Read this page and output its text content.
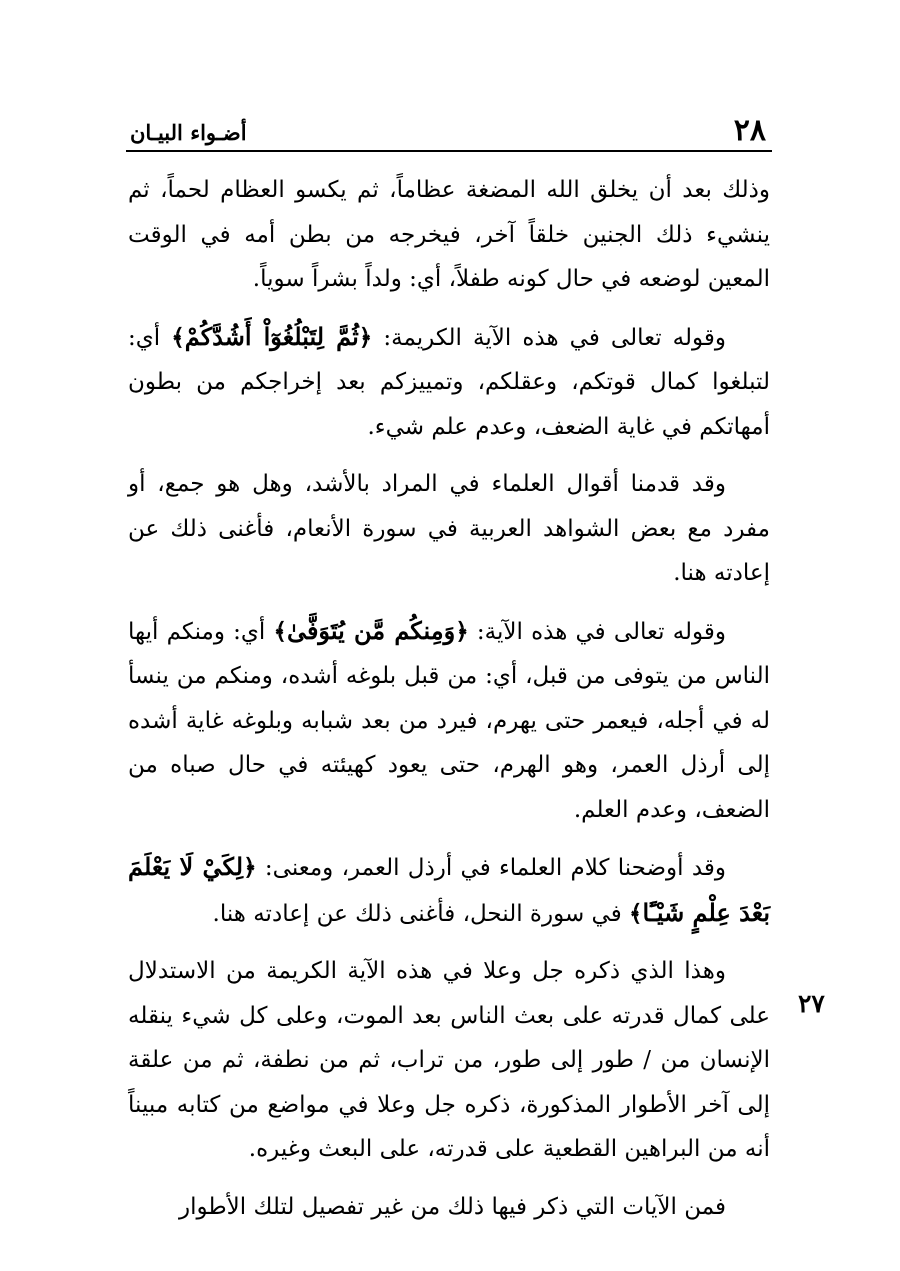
٢٨
أضـواء البيـان
٢٧

وذلك بعد أن يخلق الله المضغة عظاماً، ثم يكسو العظام لحماً، ثم ينشيء ذلك الجنين خلقاً آخر، فيخرجه من بطن أمه في الوقت المعين لوضعه في حال كونه طفلاً، أي: ولداً بشراً سوياً.

وقوله تعالى في هذه الآية الكريمة: ﴿ثُمَّ لِتَبْلُغُوٓاْ أَشُدَّكُمْ﴾ أي: لتبلغوا كمال قوتكم، وعقلكم، وتمييزكم بعد إخراجكم من بطون أمهاتكم في غاية الضعف، وعدم علم شيء.

وقد قدمنا أقوال العلماء في المراد بالأشد، وهل هو جمع، أو مفرد مع بعض الشواهد العربية في سورة الأنعام، فأغنى ذلك عن إعادته هنا.

وقوله تعالى في هذه الآية: ﴿وَمِنكُم مَّن يُتَوَفَّىٰ﴾ أي: ومنكم أيها الناس من يتوفى من قبل، أي: من قبل بلوغه أشده، ومنكم من ينسأ له في أجله، فيعمر حتى يهرم، فيرد من بعد شبابه وبلوغه غاية أشده إلى أرذل العمر، وهو الهرم، حتى يعود كهيئته في حال صباه من الضعف، وعدم العلم.

وقد أوضحنا كلام العلماء في أرذل العمر، ومعنى: ﴿لِكَيْ لَا يَعْلَمَ بَعْدَ عِلْمٍ شَيْـًٔا﴾ في سورة النحل، فأغنى ذلك عن إعادته هنا.

وهذا الذي ذكره جل وعلا في هذه الآية الكريمة من الاستدلال على كمال قدرته على بعث الناس بعد الموت، وعلى كل شيء ينقله الإنسان من / طور إلى طور، من تراب، ثم من نطفة، ثم من علقة إلى آخر الأطوار المذكورة، ذكره جل وعلا في مواضع من كتابه مبيناً أنه من البراهين القطعية على قدرته، على البعث وغيره.

فمن الآيات التي ذكر فيها ذلك من غير تفصيل لتلك الأطوار
